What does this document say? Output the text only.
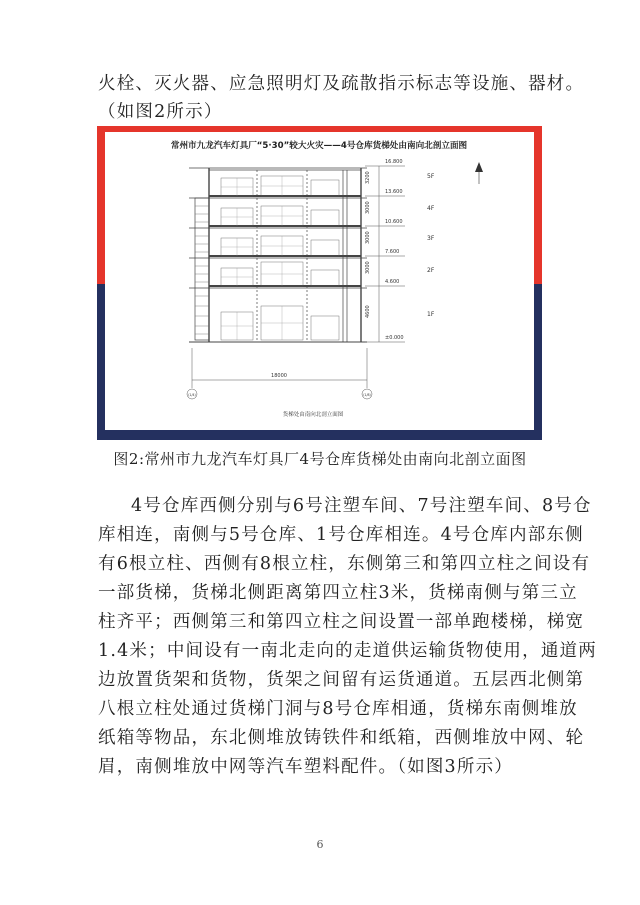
火栓、灭火器、应急照明灯及疏散指示标志等设施、器材。
（如图2所示）
常州市九龙汽车灯具厂“5·30”较大火灾——4号仓库货梯处由南向北剖立面图
16.800
13.600
10.600
7.600
4.600
±0.000
3200
3000
3000
3000
4600
5F
4F
3F
2F
1F
18000
(1/4)	(1/8)
货梯处由南向北剖立面图
图2:常州市九龙汽车灯具厂4号仓库货梯处由南向北剖立面图
4号仓库西侧分别与6号注塑车间、7号注塑车间、8号仓
库相连，南侧与5号仓库、1号仓库相连。4号仓库内部东侧
有6根立柱、西侧有8根立柱，东侧第三和第四立柱之间设有
一部货梯，货梯北侧距离第四立柱3米，货梯南侧与第三立
柱齐平；西侧第三和第四立柱之间设置一部单跑楼梯，梯宽
1.4米；中间设有一南北走向的走道供运输货物使用，通道两
边放置货架和货物，货架之间留有运货通道。五层西北侧第
八根立柱处通过货梯门洞与8号仓库相通，货梯东南侧堆放
纸箱等物品，东北侧堆放铸铁件和纸箱，西侧堆放中网、轮
眉，南侧堆放中网等汽车塑料配件。（如图3所示）
6
